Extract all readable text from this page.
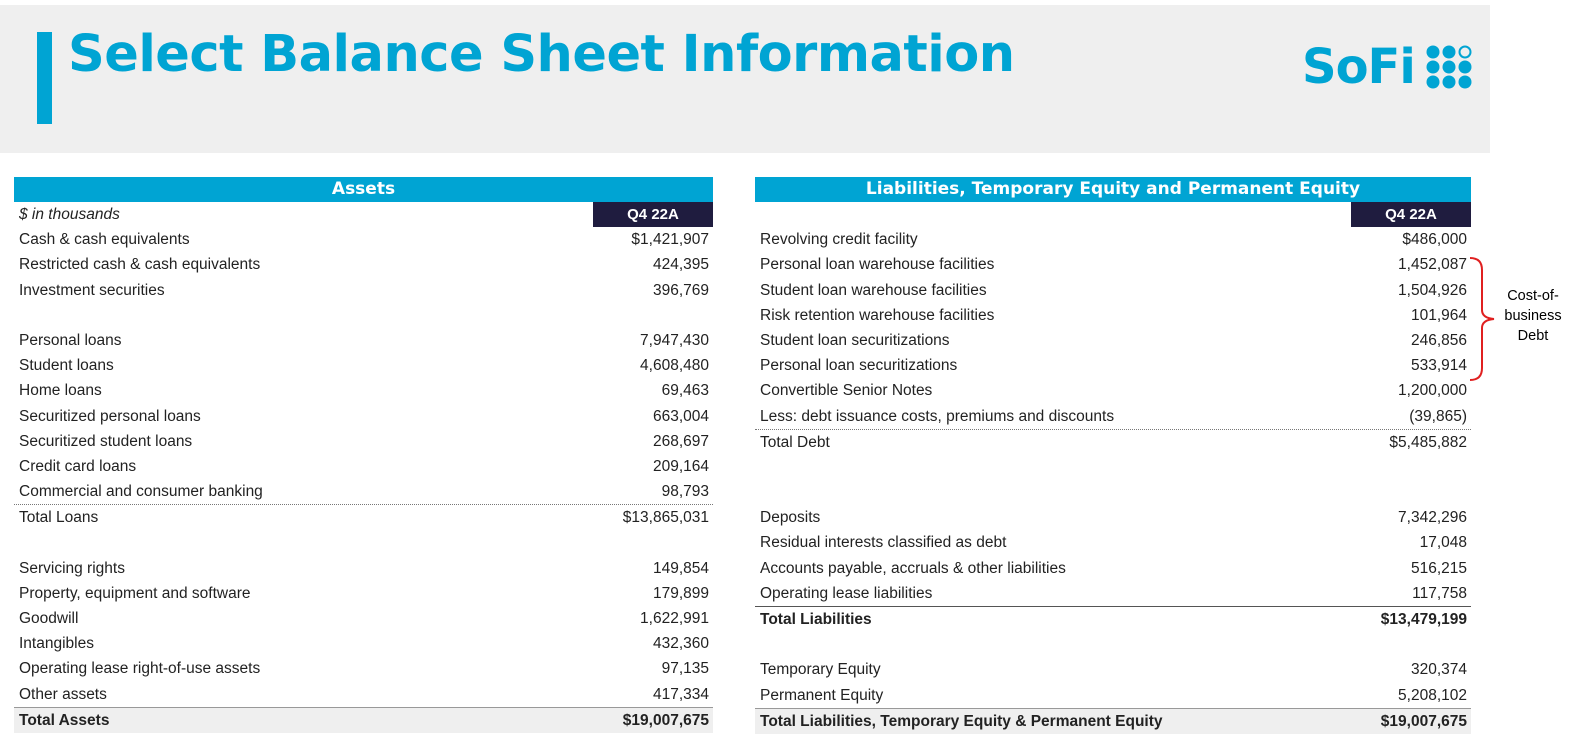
Select Balance Sheet Information	SoFi
Assets
$ in thousands	Q4 22A
Cash & cash equivalents	$1,421,907
Restricted cash & cash equivalents	424,395
Investment securities	396,769
Personal loans	7,947,430
Student loans	4,608,480
Home loans	69,463
Securitized personal loans	663,004
Securitized student loans	268,697
Credit card loans	209,164
Commercial and consumer banking	98,793
Total Loans	$13,865,031
Servicing rights	149,854
Property, equipment and software	179,899
Goodwill	1,622,991
Intangibles	432,360
Operating lease right-of-use assets	97,135
Other assets	417,334
Total Assets	$19,007,675
Liabilities, Temporary Equity and Permanent Equity
Q4 22A
Revolving credit facility	$486,000
Personal loan warehouse facilities	1,452,087
Student loan warehouse facilities	1,504,926
Risk retention warehouse facilities	101,964
Student loan securitizations	246,856
Personal loan securitizations	533,914
Convertible Senior Notes	1,200,000
Less: debt issuance costs, premiums and discounts	(39,865)
Total Debt	$5,485,882
Deposits	7,342,296
Residual interests classified as debt	17,048
Accounts payable, accruals & other liabilities	516,215
Operating lease liabilities	117,758
Total Liabilities	$13,479,199
Temporary Equity	320,374
Permanent Equity	5,208,102
Total Liabilities, Temporary Equity & Permanent Equity	$19,007,675
Cost-of-
business
Debt
